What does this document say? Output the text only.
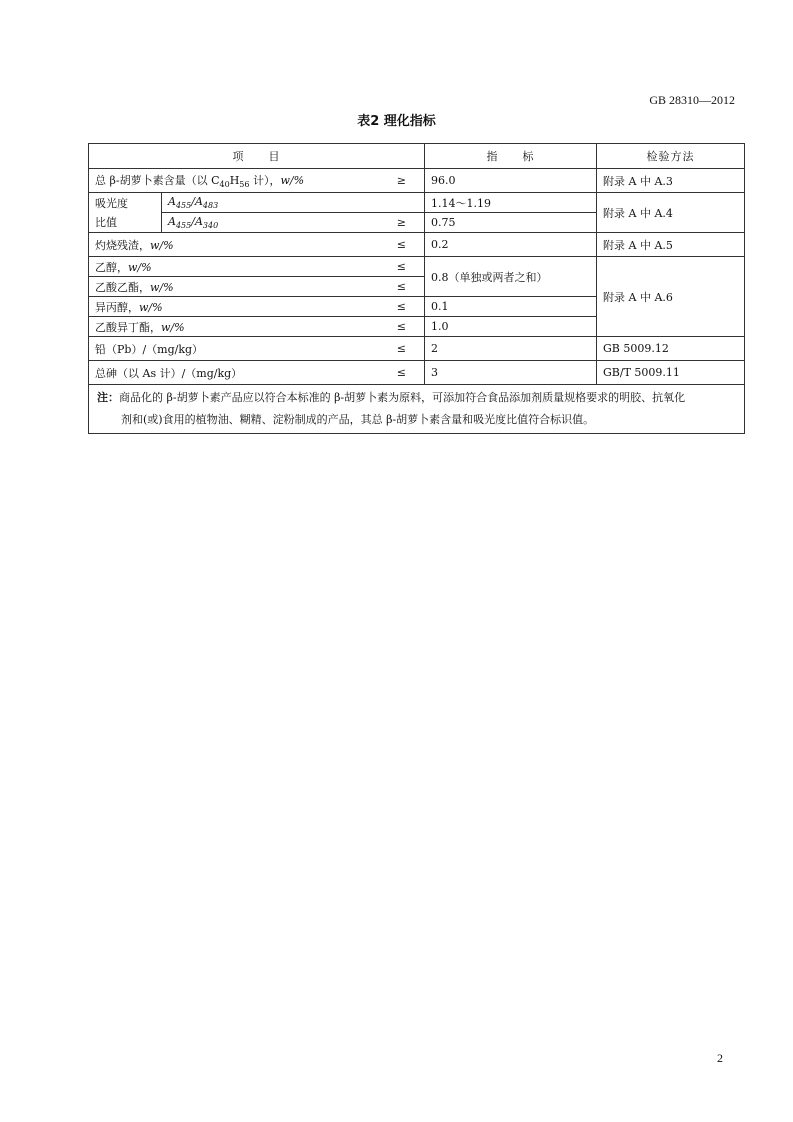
GB 28310—2012
表2 理化指标
项　　目			指　　标	检验方法
总 β-胡萝卜素含量（以 $C_{40}H_{56}$ 计），w/%		≥	96.0	附录 A 中 A.3
吸光度	$A_{455}/A_{483}$		1.14～1.19	附录 A 中 A.4
比值	$A_{455}/A_{340}$	≥	0.75	
灼烧残渣，w/%		≤	0.2	附录 A 中 A.5
乙醇，w/%		≤	0.8（单独或两者之和）	附录 A 中 A.6
乙酸乙酯，w/%		≤		
异丙醇，w/%		≤	0.1	
乙酸异丁酯，w/%		≤	1.0	
铅（Pb）/（mg/kg）		≤	2	GB 5009.12
总砷（以 As 计）/（mg/kg）		≤	3	GB/T 5009.11
注：商品化的 β-胡萝卜素产品应以符合本标准的 β-胡萝卜素为原料，可添加符合食品添加剂质量规格要求的明胶、抗氧化
剂和(或)食用的植物油、糊精、淀粉制成的产品，其总 β-胡萝卜素含量和吸光度比值符合标识值。				
2
